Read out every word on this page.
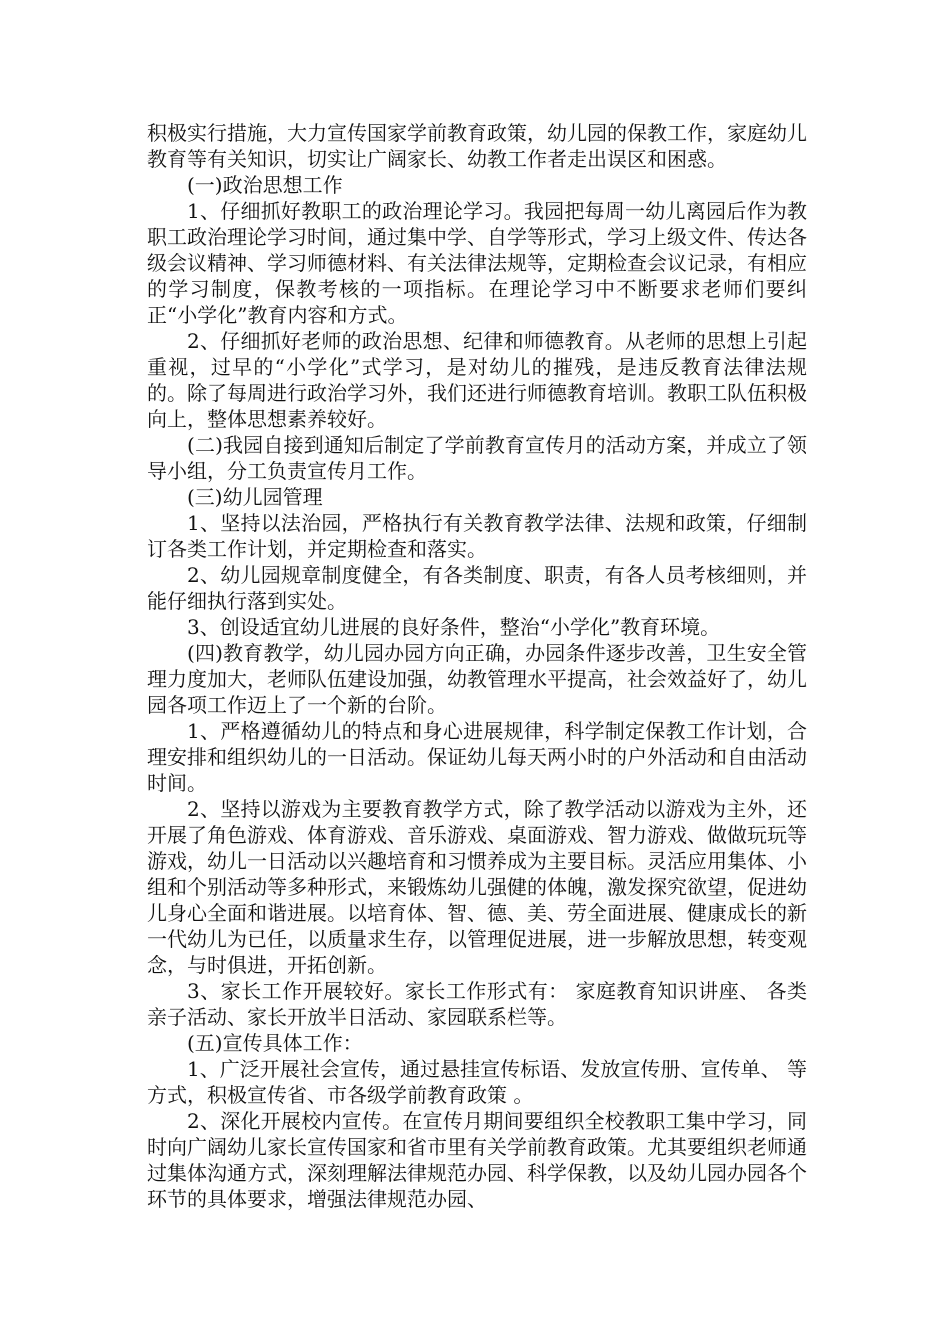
积极实行措施，大力宣传国家学前教育政策，幼儿园的保教工作，家庭幼儿教育等有关知识，切实让广阔家长、幼教工作者走出误区和困惑。

(一)政治思想工作

1、仔细抓好教职工的政治理论学习。我园把每周一幼儿离园后作为教职工政治理论学习时间，通过集中学、自学等形式，学习上级文件、传达各级会议精神、学习师德材料、有关法律法规等，定期检查会议记录，有相应的学习制度，保教考核的一项指标。在理论学习中不断要求老师们要纠正“小学化”教育内容和方式。

2、仔细抓好老师的政治思想、纪律和师德教育。从老师的思想上引起重视，过早的“小学化”式学习，是对幼儿的摧残，是违反教育法律法规的。除了每周进行政治学习外，我们还进行师德教育培训。教职工队伍积极向上，整体思想素养较好。

(二)我园自接到通知后制定了学前教育宣传月的活动方案，并成立了领导小组，分工负责宣传月工作。

(三)幼儿园管理

1、坚持以法治园，严格执行有关教育教学法律、法规和政策，仔细制订各类工作计划，并定期检查和落实。

2、幼儿园规章制度健全，有各类制度、职责，有各人员考核细则，并能仔细执行落到实处。

3、创设适宜幼儿进展的良好条件，整治“小学化”教育环境。

(四)教育教学，幼儿园办园方向正确，办园条件逐步改善，卫生安全管理力度加大，老师队伍建设加强，幼教管理水平提高，社会效益好了，幼儿园各项工作迈上了一个新的台阶。

1、严格遵循幼儿的特点和身心进展规律，科学制定保教工作计划，合理安排和组织幼儿的一日活动。保证幼儿每天两小时的户外活动和自由活动时间。

2、坚持以游戏为主要教育教学方式，除了教学活动以游戏为主外，还开展了角色游戏、体育游戏、音乐游戏、桌面游戏、智力游戏、做做玩玩等游戏，幼儿一日活动以兴趣培育和习惯养成为主要目标。灵活应用集体、小组和个别活动等多种形式，来锻炼幼儿强健的体魄，激发探究欲望，促进幼儿身心全面和谐进展。以培育体、智、德、美、劳全面进展、健康成长的新一代幼儿为已任，以质量求生存，以管理促进展，进一步解放思想，转变观念，与时俱进，开拓创新。

3、家长工作开展较好。家长工作形式有： 家庭教育知识讲座、 各类亲子活动、家长开放半日活动、家园联系栏等。

(五)宣传具体工作：

1、广泛开展社会宣传，通过悬挂宣传标语、发放宣传册、宣传单、 等方式，积极宣传省、市各级学前教育政策 。

2、深化开展校内宣传。在宣传月期间要组织全校教职工集中学习，同时向广阔幼儿家长宣传国家和省市里有关学前教育政策。尤其要组织老师通过集体沟通方式，深刻理解法律规范办园、科学保教，以及幼儿园办园各个环节的具体要求，增强法律规范办园、
